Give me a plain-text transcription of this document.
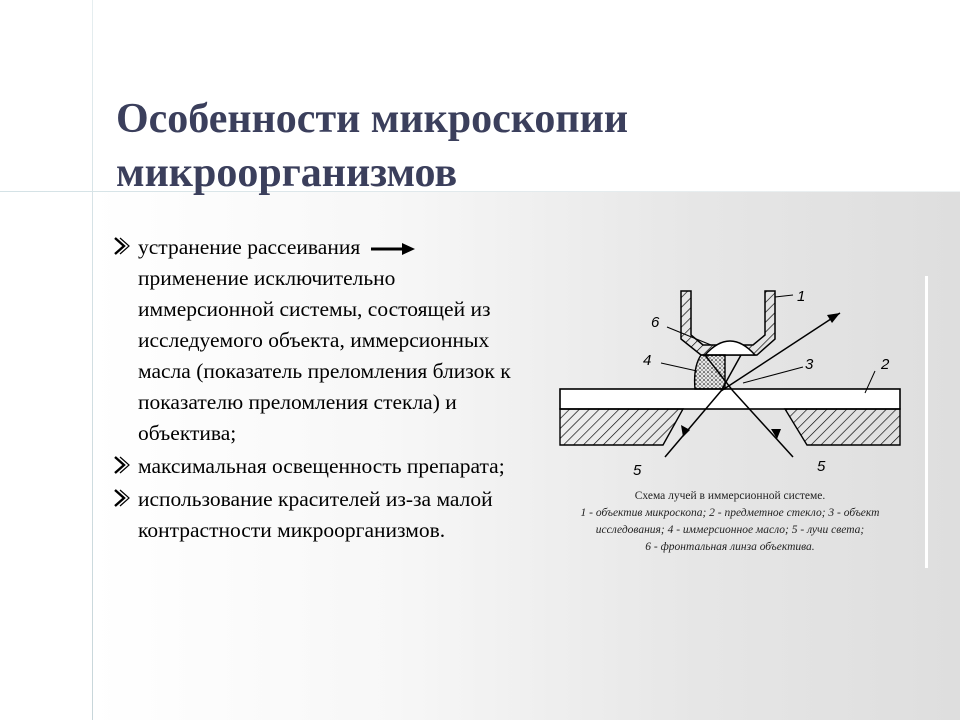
Особенности микроскопии микроорганизмов
устранение рассеивания  применение исключительно иммерсионной системы, состоящей из исследуемого объекта, иммерсионных масла (показатель преломления близок к показателю преломления стекла) и объектива;
максимальная освещенность препарата;
использование красителей из-за малой контрастности микроорганизмов.
1
2
3
4
5	5
6
Схема лучей в иммерсионной системе.
1 - объектив микроскопа; 2 - предметное стекло; 3 - объект
исследования; 4 - иммерсионное масло; 5 - лучи света;
6 - фронтальная линза объектива.
